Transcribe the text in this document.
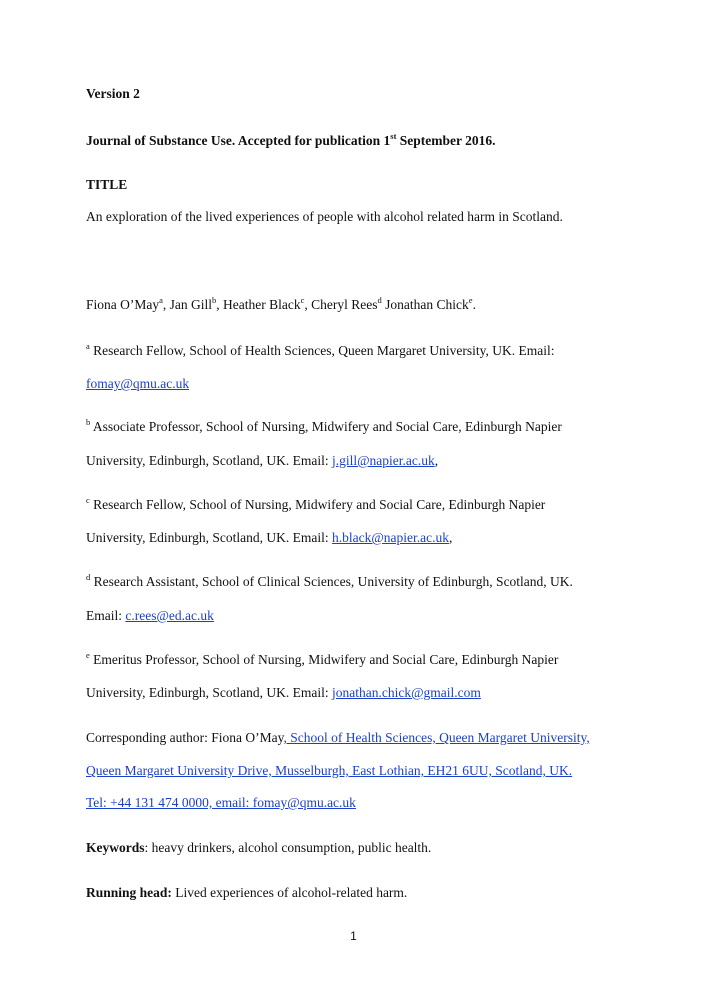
Version 2
Journal of Substance Use. Accepted for publication 1st September 2016.
TITLE
An exploration of the lived experiences of people with alcohol related harm in Scotland.
Fiona O’May$^a$, Jan Gill$^b$, Heather Black$^c$, Cheryl Rees$^d$ Jonathan Chick$^e$.
$^a$ Research Fellow, School of Health Sciences, Queen Margaret University, UK. Email:
fomay@qmu.ac.uk
$^b$ Associate Professor, School of Nursing, Midwifery and Social Care, Edinburgh Napier
University, Edinburgh, Scotland, UK. Email: j.gill@napier.ac.uk,
$^c$ Research Fellow, School of Nursing, Midwifery and Social Care, Edinburgh Napier
University, Edinburgh, Scotland, UK. Email: h.black@napier.ac.uk,
$^d$ Research Assistant, School of Clinical Sciences, University of Edinburgh, Scotland, UK.
Email: c.rees@ed.ac.uk
$^e$ Emeritus Professor, School of Nursing, Midwifery and Social Care, Edinburgh Napier
University, Edinburgh, Scotland, UK. Email: jonathan.chick@gmail.com
Corresponding author: Fiona O’May, School of Health Sciences, Queen Margaret University,
Queen Margaret University Drive, Musselburgh, East Lothian, EH21 6UU, Scotland, UK.
Tel: +44 131 474 0000, email: fomay@qmu.ac.uk
Keywords: heavy drinkers, alcohol consumption, public health.
Running head: Lived experiences of alcohol-related harm.
1
